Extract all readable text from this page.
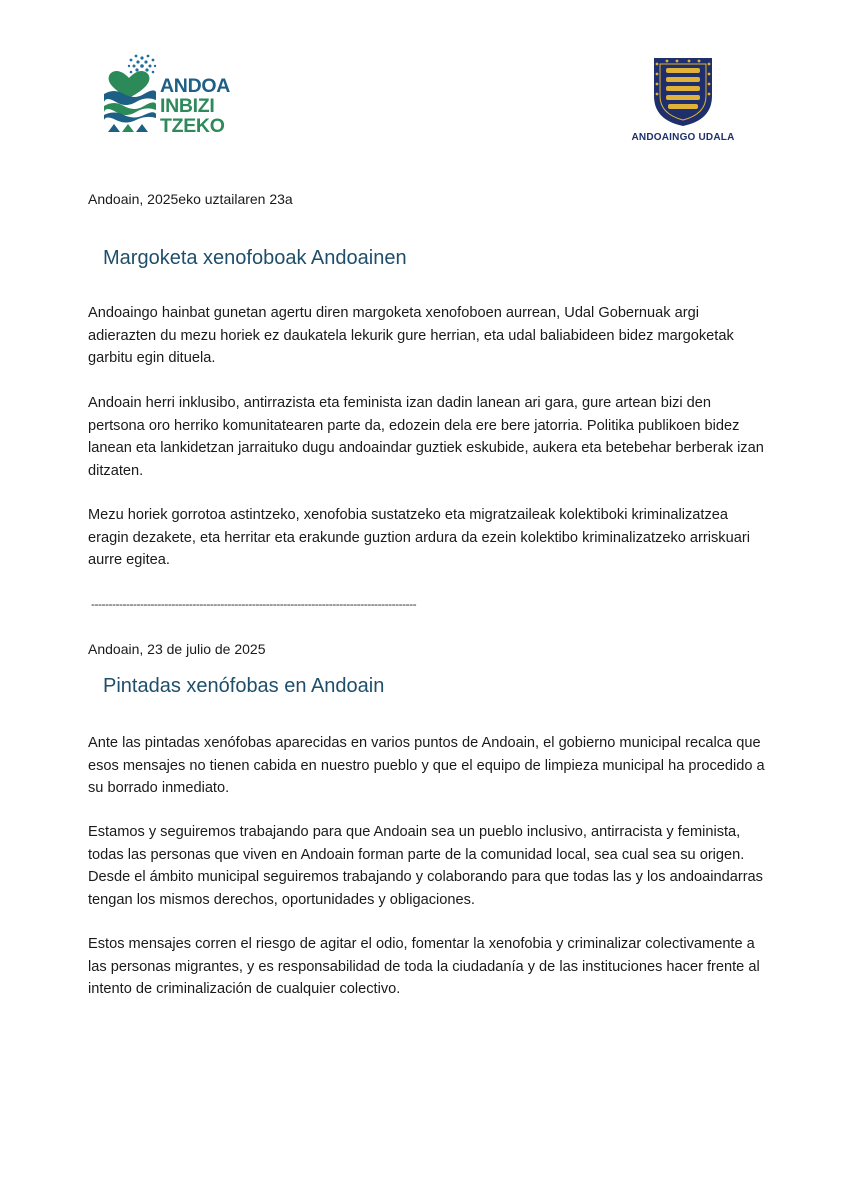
ANDOA
INBIZI
TZEKO
ANDOAINGO UDALA

Andoain, 2025eko uztailaren 23a

Margoketa xenofoboak Andoainen

Andoaingo hainbat gunetan agertu diren margoketa xenofoboen aurrean, Udal Gobernuak argi adierazten du mezu horiek ez daukatela lekurik gure herrian, eta udal baliabideen bidez margoketak garbitu egin dituela.

Andoain herri inklusibo, antirrazista eta feminista izan dadin lanean ari gara, gure artean bizi den pertsona oro herriko komunitatearen parte da, edozein dela ere bere jatorria. Politika publikoen bidez lanean eta lankidetzan jarraituko dugu andoaindar guztiek eskubide, aukera eta betebehar berberak izan ditzaten.

Mezu horiek gorrotoa astintzeko, xenofobia sustatzeko eta migratzaileak kolektiboki kriminalizatzea eragin dezakete, eta herritar eta erakunde guztion ardura da ezein kolektibo kriminalizatzeko arriskuari aurre egitea.

---------------------------------------------------------------------------------------------

Andoain, 23 de julio de 2025

Pintadas xenófobas en Andoain

Ante las pintadas xenófobas aparecidas en varios puntos de Andoain, el gobierno municipal recalca que esos mensajes no tienen cabida en nuestro pueblo y que el equipo de limpieza municipal ha procedido a su borrado inmediato.

Estamos y seguiremos trabajando para que Andoain sea un pueblo inclusivo, antirracista y feminista, todas las personas que viven en Andoain forman parte de la comunidad local, sea cual sea su origen. Desde el ámbito municipal seguiremos trabajando y colaborando para que todas las y los andoaindarras tengan los mismos derechos, oportunidades y obligaciones.

Estos mensajes corren el riesgo de agitar el odio, fomentar la xenofobia y criminalizar colectivamente a las personas migrantes, y es responsabilidad de toda la ciudadanía y de las instituciones hacer frente al intento de criminalización de cualquier colectivo.
